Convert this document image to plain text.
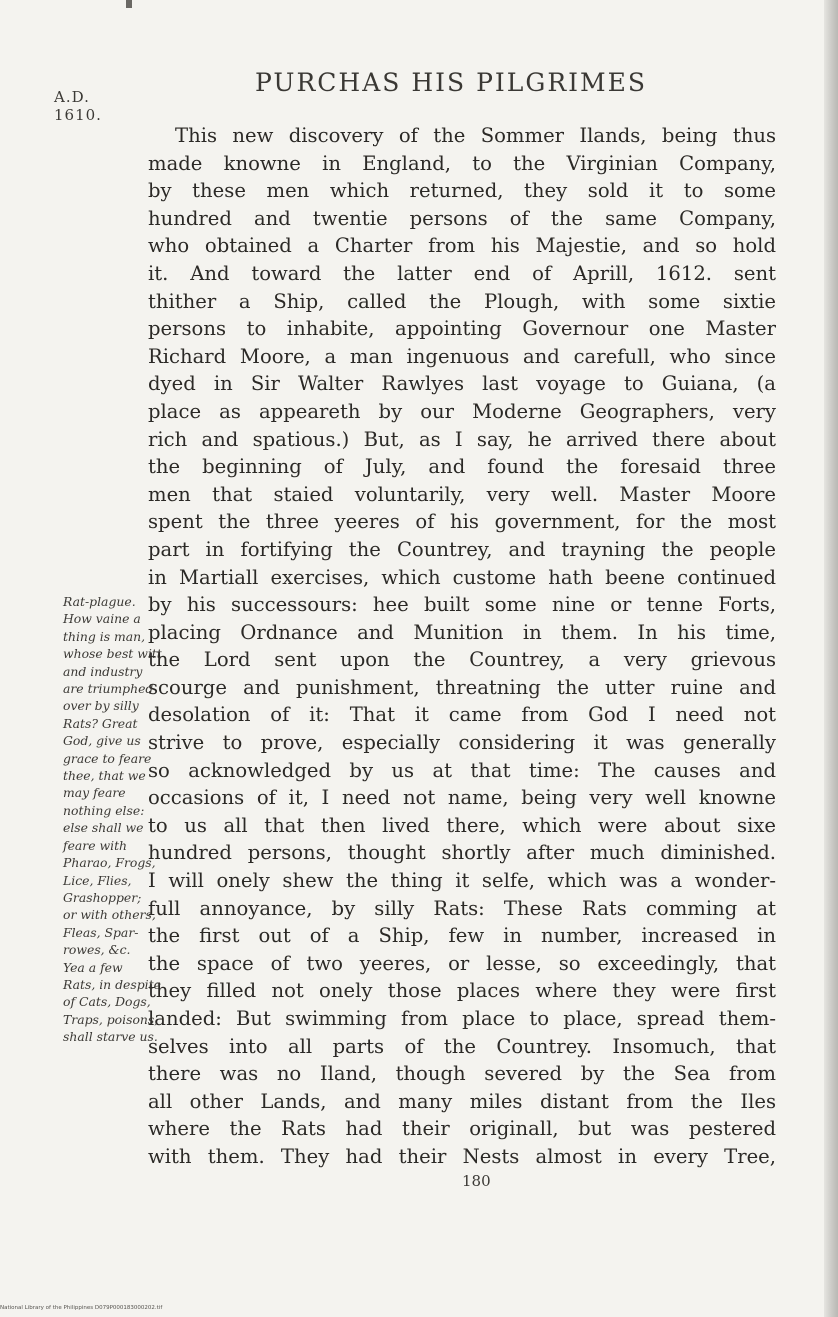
A.D.
1610.
PURCHAS HIS PILGRIMES
This new discovery of the Sommer Ilands, being thus
made knowne in England, to the Virginian Company,
by these men which returned, they sold it to some
hundred and twentie persons of the same Company,
who obtained a Charter from his Majestie, and so hold
it. And toward the latter end of Aprill, 1612. sent
thither a Ship, called the Plough, with some sixtie
persons to inhabite, appointing Governour one Master
Richard Moore, a man ingenuous and carefull, who since
dyed in Sir Walter Rawlyes last voyage to Guiana, (a
place as appeareth by our Moderne Geographers, very
rich and spatious.) But, as I say, he arrived there about
the beginning of July, and found the foresaid three
men that staied voluntarily, very well. Master Moore
spent the three yeeres of his government, for the most
part in fortifying the Countrey, and trayning the people
in Martiall exercises, which custome hath beene continued
by his successours: hee built some nine or tenne Forts,
placing Ordnance and Munition in them. In his time,
the Lord sent upon the Countrey, a very grievous
scourge and punishment, threatning the utter ruine and
desolation of it: That it came from God I need not
strive to prove, especially considering it was generally
so acknowledged by us at that time: The causes and
occasions of it, I need not name, being very well knowne
to us all that then lived there, which were about sixe
hundred persons, thought shortly after much diminished.
I will onely shew the thing it selfe, which was a wonder-
full annoyance, by silly Rats: These Rats comming at
the first out of a Ship, few in number, increased in
the space of two yeeres, or lesse, so exceedingly, that
they filled not onely those places where they were first
landed: But swimming from place to place, spread them-
selves into all parts of the Countrey. Insomuch, that
there was no Iland, though severed by the Sea from
all other Lands, and many miles distant from the Iles
where the Rats had their originall, but was pestered
with them. They had their Nests almost in every Tree,
Rat-plague.
How vaine a
thing is man,
whose best witt
and industry
are triumphed
over by silly
Rats? Great
God, give us
grace to feare
thee, that we
may feare
nothing else:
else shall we
feare with
Pharao, Frogs,
Lice, Flies,
Grashopper;
or with others,
Fleas, Spar-
rowes, &c.
Yea a few
Rats, in despite
of Cats, Dogs,
Traps, poisons,
shall starve us.
180
National Library of the Philippines D079P000183000202.tif
